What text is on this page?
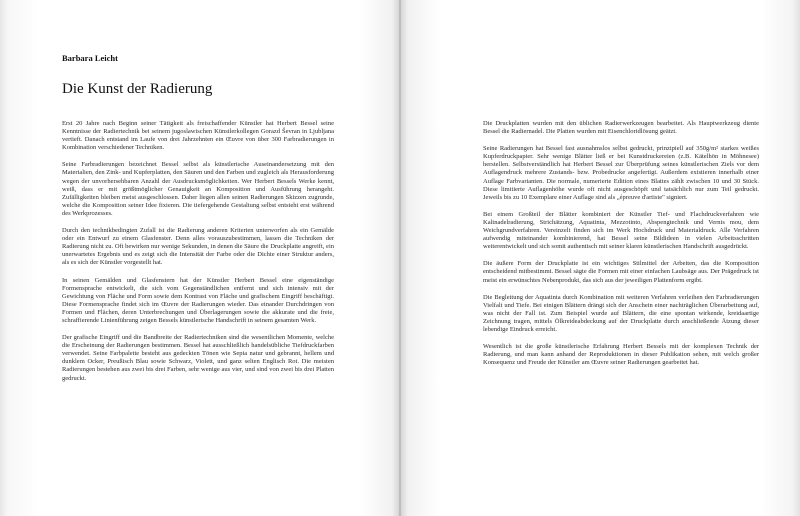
Barbara Leicht
Die Kunst der Radierung

Erst 20 Jahre nach Beginn seiner Tätigkeit als freischaffender Künstler hat Herbert Bessel seine Kenntnisse der Radiertechnik bei seinem jugoslawischen Künstlerkollegen Gorazd Ševran in Ljubljana vertieft. Danach entstand im Laufe von drei Jahrzehnten ein Œuvre von über 300 Farbradierungen in Kombination verschiedener Techniken.

Seine Farbradierungen bezeichnet Bessel selbst als künstlerische Auseinandersetzung mit den Materialien, den Zink- und Kupferplatten, den Säuren und den Farben und zugleich als Herausforderung wegen der unvorhersehbaren Anzahl der Ausdrucksmöglichkeiten. Wer Herbert Bessels Werke kennt, weiß, dass er mit größtmöglicher Genauigkeit an Komposition und Ausführung herangeht. Zufälligkeiten bleiben meist ausgeschlossen. Daher liegen allen seinen Radierungen Skizzen zugrunde, welche die Komposition seiner Idee fixieren. Die tiefergehende Gestaltung selbst entsteht erst während des Werkprozesses.

Durch den technikbedingten Zufall ist die Radierung anderen Kriterien unterworfen als ein Gemälde oder ein Entwurf zu einem Glasfenster. Denn alles vorauszubestimmen, lassen die Techniken der Radierung nicht zu. Oft bewirken nur wenige Sekunden, in denen die Säure die Druckplatte angreift, ein unerwartetes Ergebnis und es zeigt sich die Intensität der Farbe oder die Dichte einer Struktur anders, als es sich der Künstler vorgestellt hat.

In seinen Gemälden und Glasfenstern hat der Künstler Herbert Bessel eine eigenständige Formensprache entwickelt, die sich vom Gegenständlichen entfernt und sich intensiv mit der Gewichtung von Fläche und Form sowie dem Kontrast von Fläche und grafischem Eingriff beschäftigt. Diese Formensprache findet sich im Œuvre der Radierungen wieder. Das einander Durchdringen von Formen und Flächen, deren Unterbrechungen und Überlagerungen sowie die akkurate und die freie, schraffierende Linienführung zeigen Bessels künstlerische Handschrift in seinem gesamten Werk.

Der grafische Eingriff und die Bandbreite der Radiertechniken sind die wesentlichen Momente, welche die Erscheinung der Radierungen bestimmen. Bessel hat ausschließlich handelsübliche Tiefdruckfarben verwendet. Seine Farbpalette besteht aus gedeckten Tönen wie Sepia natur und gebrannt, hellem und dunklem Ocker, Preußisch Blau sowie Schwarz, Violett, und ganz selten Englisch Rot. Die meisten Radierungen bestehen aus zwei bis drei Farben, sehr wenige aus vier, und sind von zwei bis drei Platten gedruckt.

Die Druckplatten wurden mit den üblichen Radierwerkzeugen bearbeitet. Als Hauptwerkzeug diente Bessel die Radiernadel. Die Platten wurden mit Eisenchloridlösung geätzt.

Seine Radierungen hat Bessel fast ausnahmslos selbst gedruckt, prinzipiell auf 350g/m² starkes weißes Kupferdruckpapier. Sehr wenige Blätter ließ er bei Kunstdruckereien (z.B. Kätelhön in Möhnesee) herstellen. Selbstverständlich hat Herbert Bessel zur Überprüfung seines künstlerischen Ziels vor dem Auflagendruck mehrere Zustands- bzw. Probedrucke angefertigt. Außerdem existieren innerhalb einer Auflage Farbvarianten. Die normale, numerierte Edition eines Blattes zählt zwischen 10 und 30 Stück. Diese limitierte Auflagenhöhe wurde oft nicht ausgeschöpft und tatsächlich nur zum Teil gedruckt. Jeweils bis zu 10 Exemplare einer Auflage sind als „épreuve d'artiste" signiert.

Bei einem Großteil der Blätter kombiniert der Künstler Tief- und Flachdruckverfahren wie Kaltnadelradierung, Strichätzung, Aquatinta, Mezzotinto, Abspengtechnik und Vernis mou, dem Weichgrundverfahren. Vereinzelt finden sich im Werk Hochdruck und Materialdruck. Alle Verfahren aufwendig miteinander kombinierend, hat Bessel seine Bildideen in vielen Arbeitsschritten weiterentwickelt und sich somit authentisch mit seiner klaren künstlerischen Handschrift ausgedrückt.

Die äußere Form der Druckplatte ist ein wichtiges Stilmittel der Arbeiten, das die Komposition entscheidend mitbestimmt. Bessel sägte die Formen mit einer einfachen Laubsäge aus. Der Prägedruck ist meist ein erwünschtes Nebenprodukt, das sich aus der jeweiligen Plattenform ergibt.

Die Begleitung der Aquatinta durch Kombination mit weiteren Verfahren verleihen den Farbradierungen Vielfalt und Tiefe. Bei einigen Blättern drängt sich der Anschein einer nachträglichen Überarbeitung auf, was nicht der Fall ist. Zum Beispiel wurde auf Blättern, die eine spontan wirkende, kreidaartige Zeichnung tragen, mittels Ölkreideabdeckung auf der Druckplatte durch anschließende Ätzung dieser lebendige Eindruck erreicht.

Wesentlich ist die große künstlerische Erfahrung Herbert Bessels mit der komplexen Technik der Radierung, und man kann anhand der Reproduktionen in dieser Publikation sehen, mit welch großer Konsequenz und Freude der Künstler am Œuvre seiner Radierungen gearbeitet hat.
